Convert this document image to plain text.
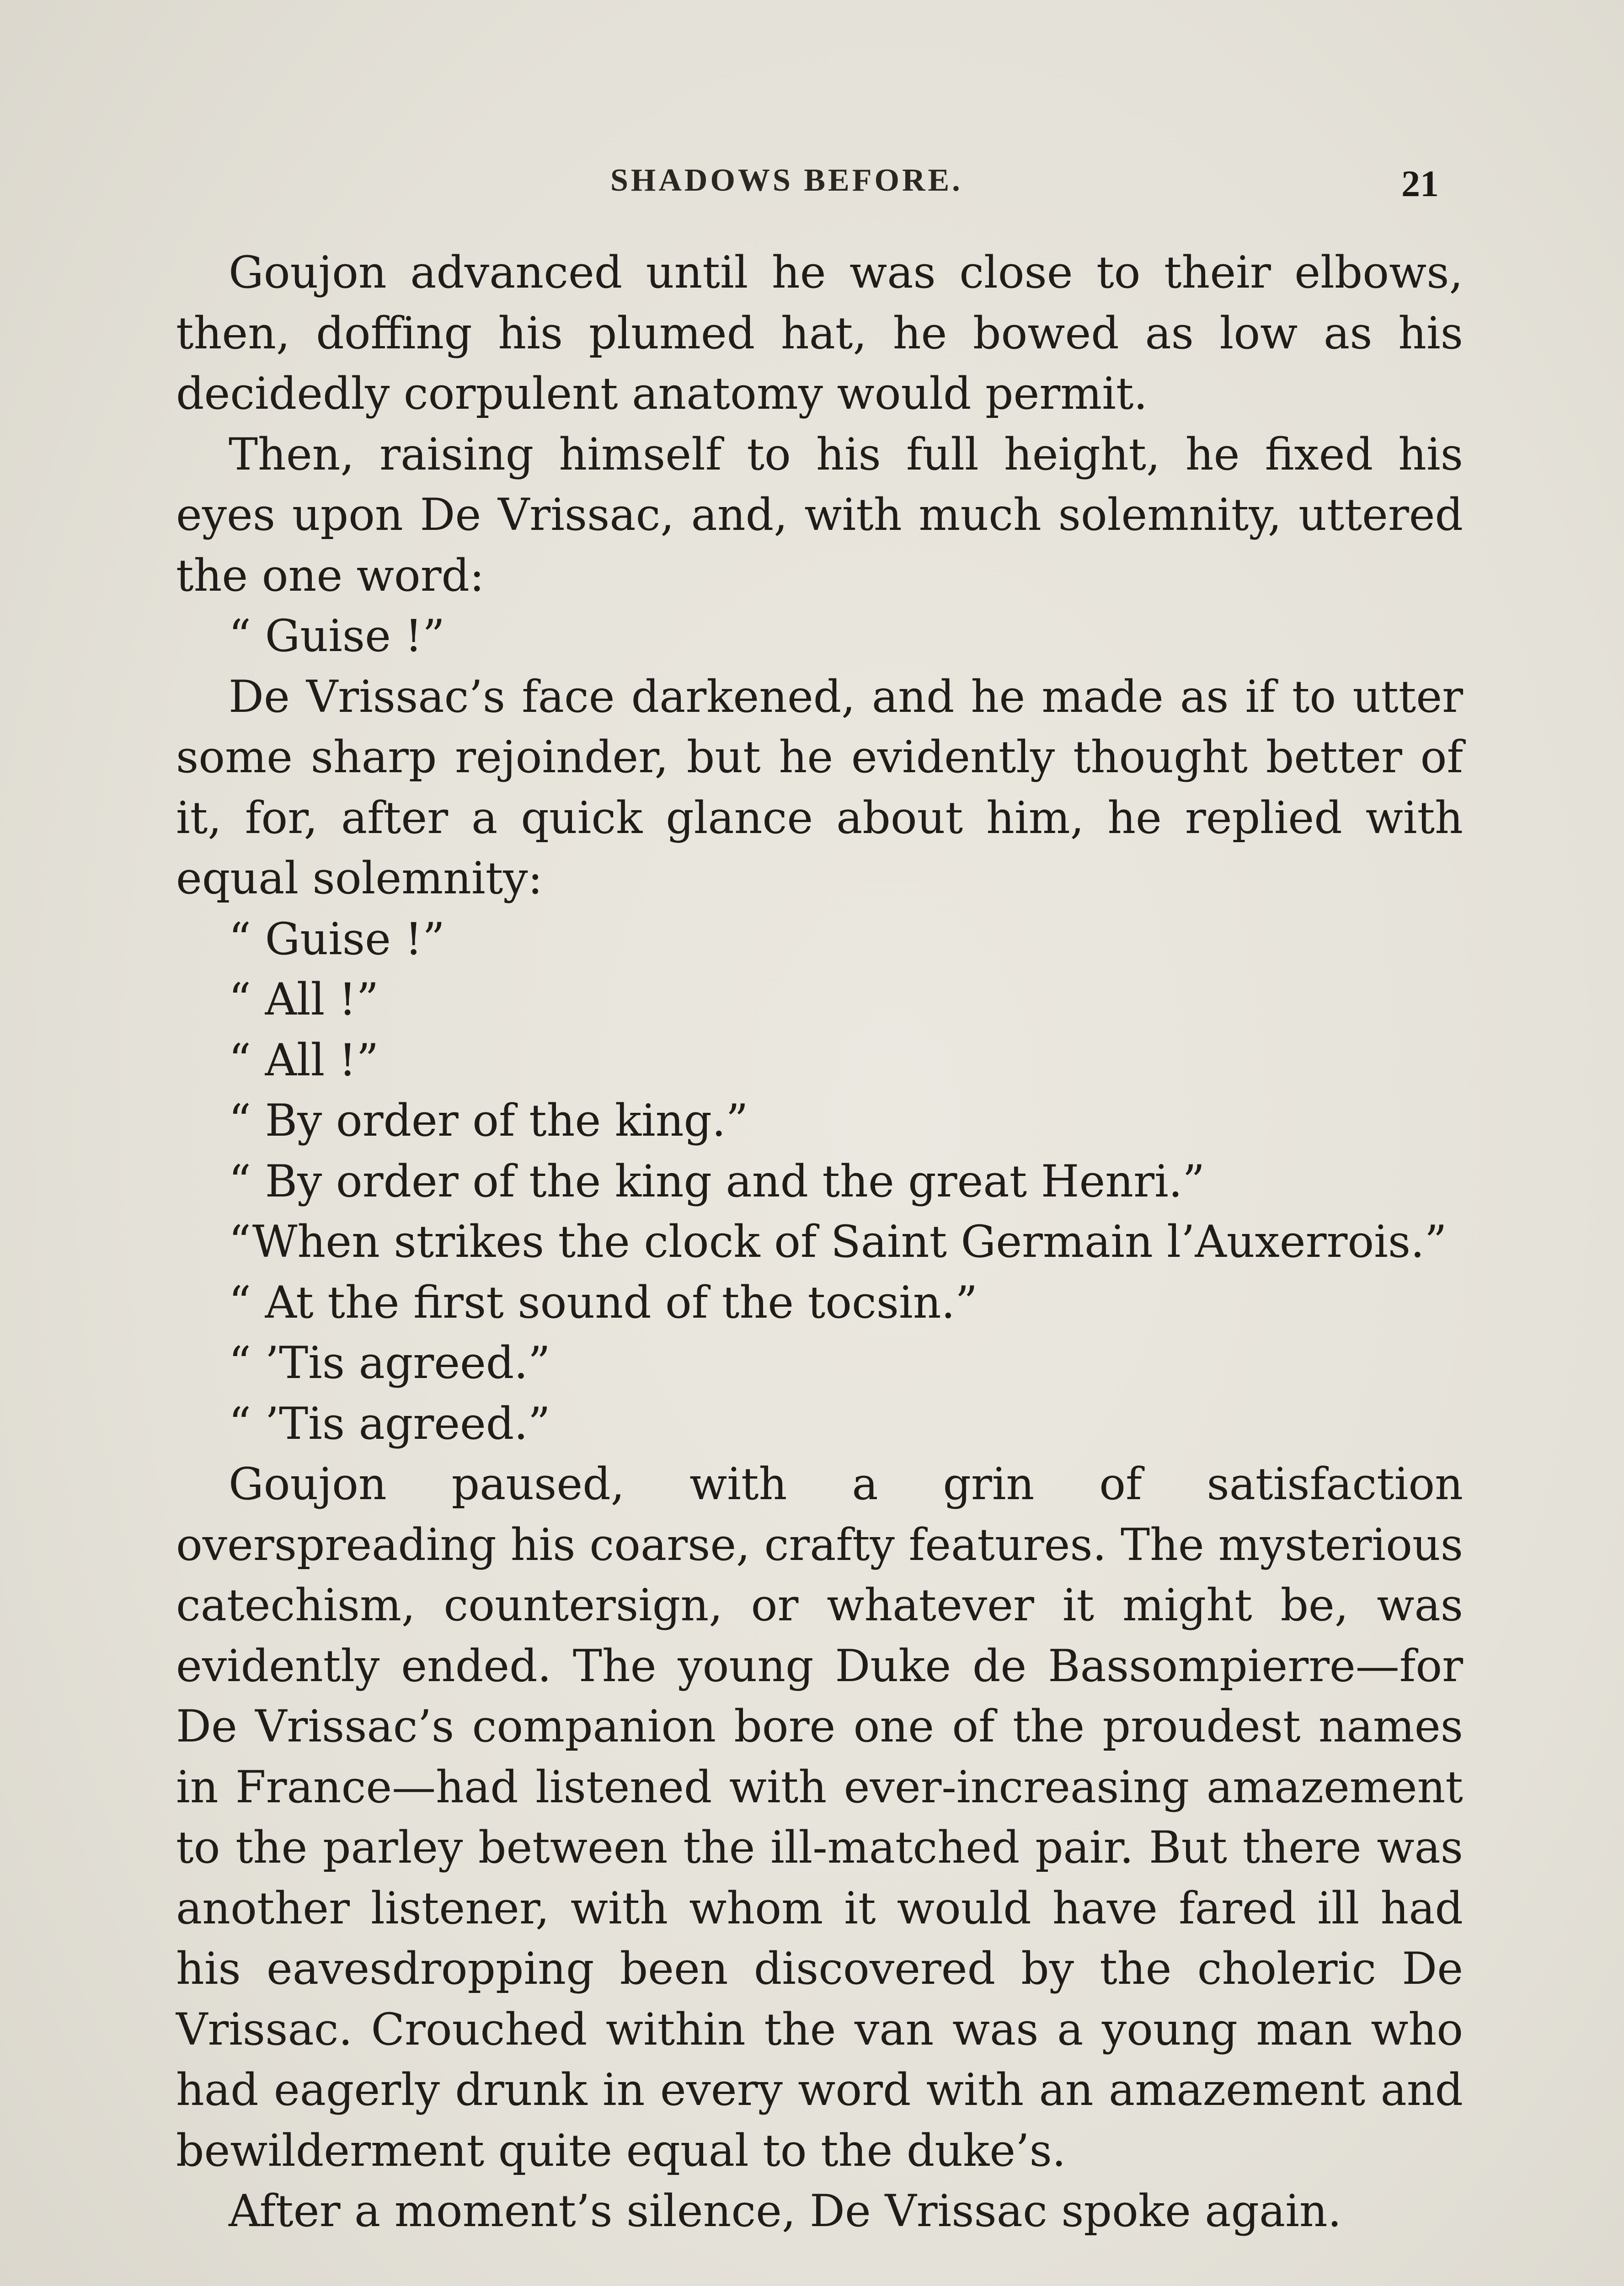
SHADOWS BEFORE.	21

Goujon advanced until he was close to their elbows, then, doffing his plumed hat, he bowed as low as his decidedly corpulent anatomy would permit.

Then, raising himself to his full height, he fixed his eyes upon De Vrissac, and, with much solemnity, uttered the one word:

“ Guise !”

De Vrissac’s face darkened, and he made as if to utter some sharp rejoinder, but he evidently thought better of it, for, after a quick glance about him, he replied with equal solemnity:

“ Guise !”

“ All !”

“ All !”

“ By order of the king.”

“ By order of the king and the great Henri.”

“When strikes the clock of Saint Germain l’Auxerrois.”

“ At the first sound of the tocsin.”

“ ’Tis agreed.”

“ ’Tis agreed.”

Goujon paused, with a grin of satisfaction overspreading his coarse, crafty features. The mysterious catechism, countersign, or whatever it might be, was evidently ended. The young Duke de Bassompierre—for De Vrissac’s companion bore one of the proudest names in France—had listened with ever-increasing amazement to the parley between the ill-matched pair. But there was another listener, with whom it would have fared ill had his eavesdropping been discovered by the choleric De Vrissac. Crouched within the van was a young man who had eagerly drunk in every word with an amazement and bewilderment quite equal to the duke’s.

After a moment’s silence, De Vrissac spoke again.
